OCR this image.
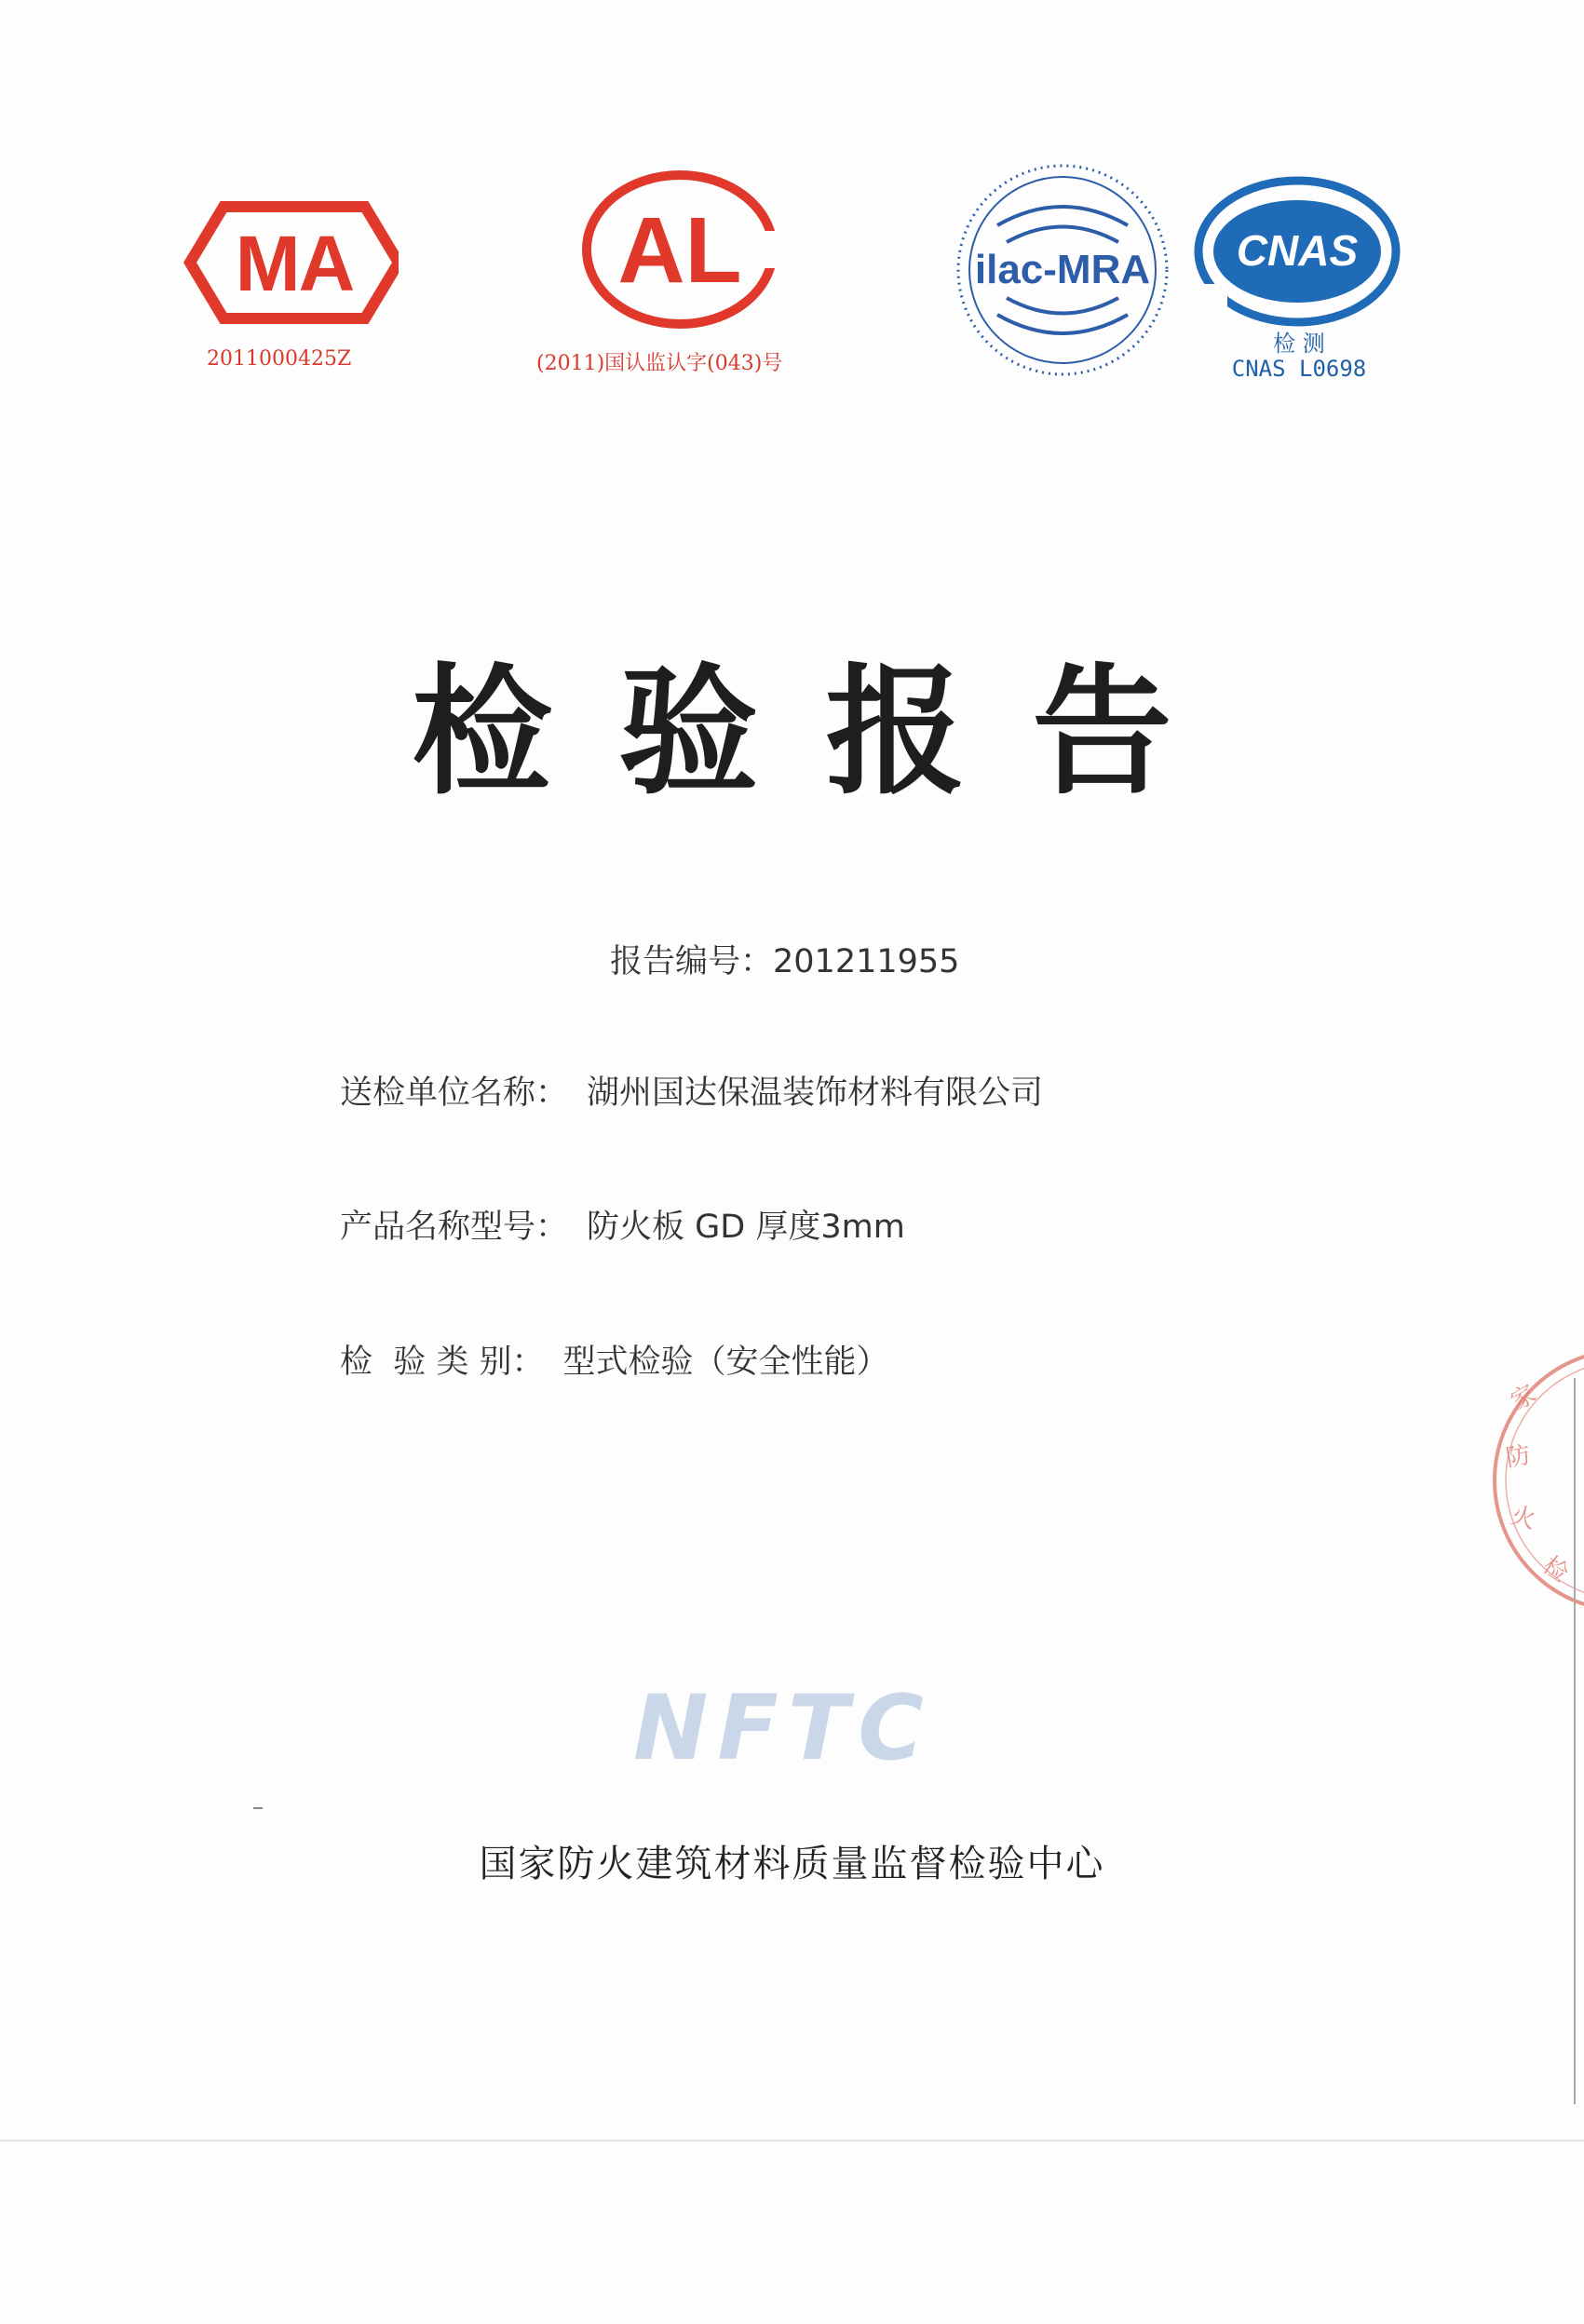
MA
2011000425Z
AL
(2011)国认监认字(043)号
ilac-MRA CNAS
检 测
CNAS L0698
检验报告
报告编号：201211955
送检单位名称： 湖州国达保温装饰材料有限公司
产品名称型号： 防火板 GD 厚度3mm
检  验 类 别： 型式检验（安全性能）
家
防
火
检
NFTC
国家防火建筑材料质量监督检验中心
